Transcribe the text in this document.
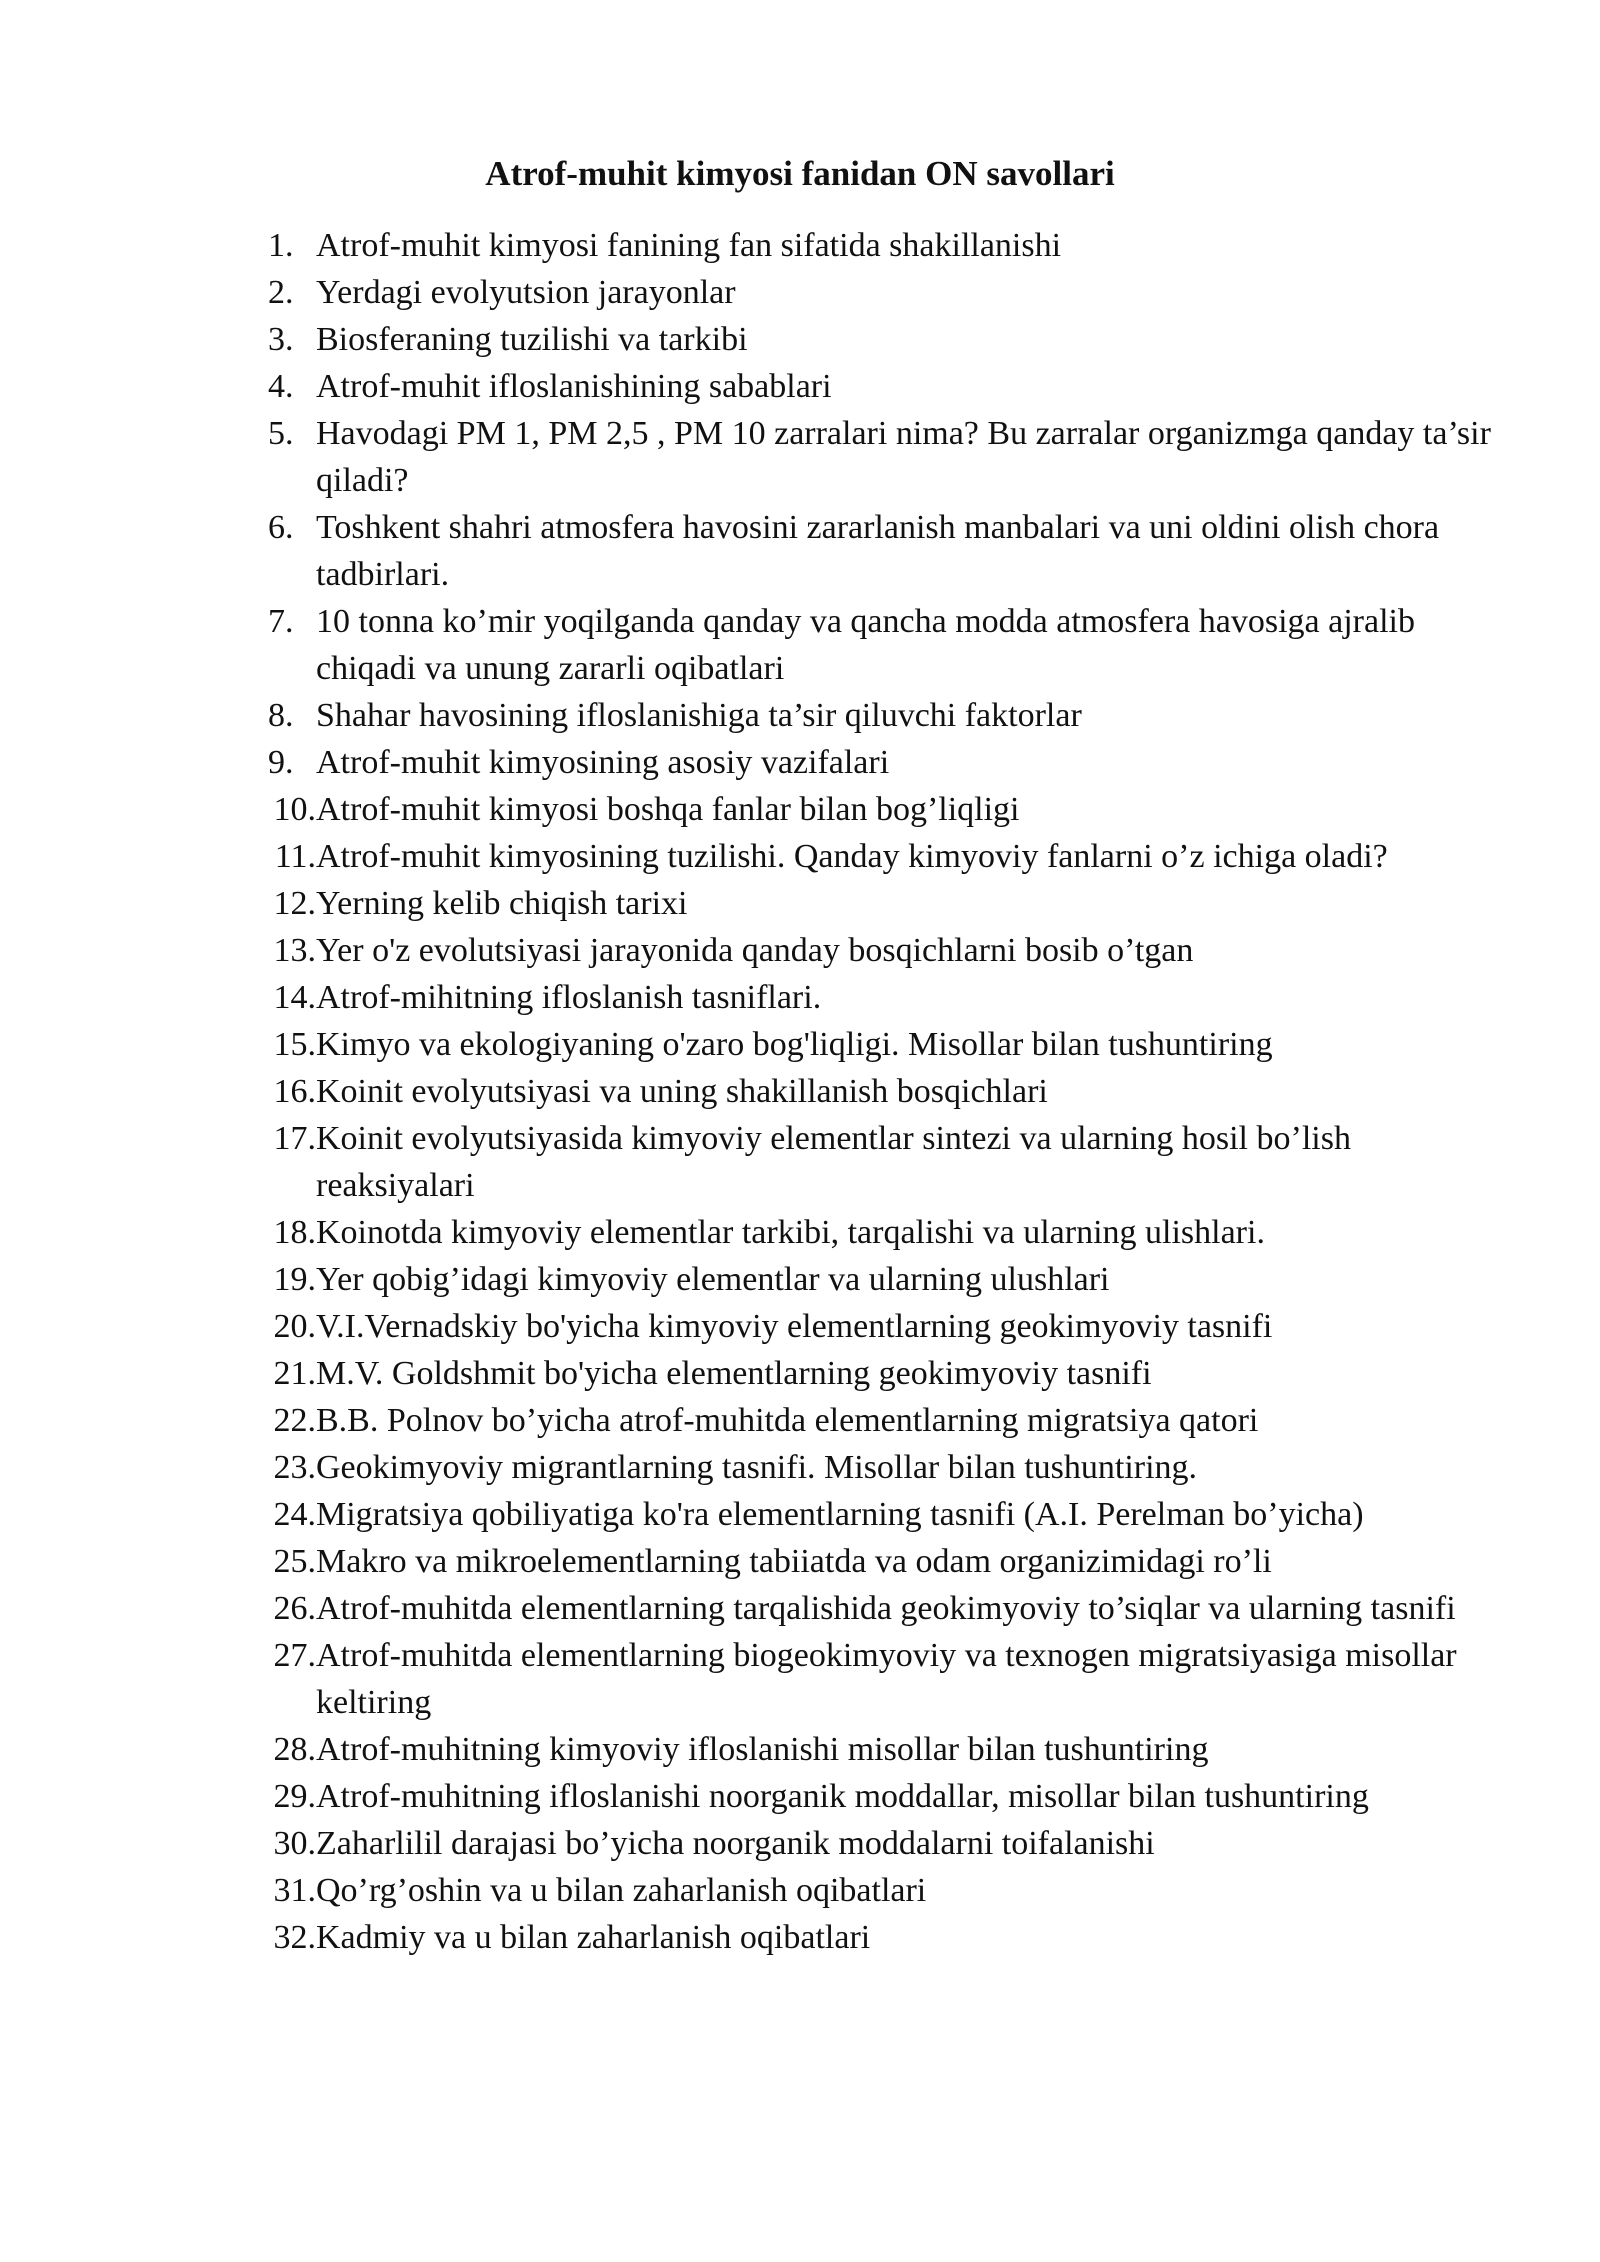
Atrof-muhit kimyosi fanidan ON savollari
1. Atrof-muhit kimyosi fanining fan sifatida shakillanishi
2. Yerdagi evolyutsion jarayonlar
3. Biosferaning tuzilishi va tarkibi
4. Atrof-muhit ifloslanishining sabablari
5. Havodagi PM 1, PM 2,5 , PM 10 zarralari nima? Bu zarralar organizmga qanday ta’sir qiladi?
6. Toshkent shahri atmosfera havosini zararlanish manbalari va uni oldini olish chora tadbirlari.
7. 10 tonna ko’mir yoqilganda qanday va qancha modda atmosfera havosiga ajralib chiqadi va unung zararli oqibatlari
8. Shahar havosining ifloslanishiga ta’sir qiluvchi faktorlar
9. Atrof-muhit kimyosining asosiy vazifalari
10. Atrof-muhit kimyosi boshqa fanlar bilan bog’liqligi
11. Atrof-muhit kimyosining tuzilishi. Qanday kimyoviy fanlarni o’z ichiga oladi?
12. Yerning kelib chiqish tarixi
13. Yer o'z evolutsiyasi jarayonida qanday bosqichlarni bosib o’tgan
14. Atrof-mihitning ifloslanish tasniflari.
15. Kimyo va ekologiyaning o'zaro bog'liqligi. Misollar bilan tushuntiring
16. Koinit evolyutsiyasi va uning shakillanish bosqichlari
17. Koinit evolyutsiyasida kimyoviy elementlar sintezi va ularning hosil bo’lish reaksiyalari
18. Koinotda kimyoviy elementlar tarkibi, tarqalishi va ularning ulishlari.
19. Yer qobig’idagi kimyoviy elementlar va ularning ulushlari
20. V.I.Vernadskiy bo'yicha kimyoviy elementlarning geokimyoviy tasnifi
21. M.V. Goldshmit bo'yicha elementlarning geokimyoviy tasnifi
22. B.B. Polnov bo’yicha atrof-muhitda elementlarning migratsiya qatori
23. Geokimyoviy migrantlarning tasnifi. Misollar bilan tushuntiring.
24. Migratsiya qobiliyatiga ko'ra elementlarning tasnifi (A.I. Perelman bo’yicha)
25. Makro va mikroelementlarning tabiiatda va odam organizimidagi ro’li
26. Atrof-muhitda elementlarning tarqalishida geokimyoviy to’siqlar va ularning tasnifi
27. Atrof-muhitda elementlarning biogeokimyoviy va texnogen migratsiyasiga misollar keltiring
28. Atrof-muhitning kimyoviy ifloslanishi misollar bilan tushuntiring
29. Atrof-muhitning ifloslanishi noorganik moddallar, misollar bilan tushuntiring
30. Zaharlilil darajasi bo’yicha noorganik moddalarni toifalanishi
31. Qo’rg’oshin va u bilan zaharlanish oqibatlari
32. Kadmiy va u bilan zaharlanish oqibatlari
